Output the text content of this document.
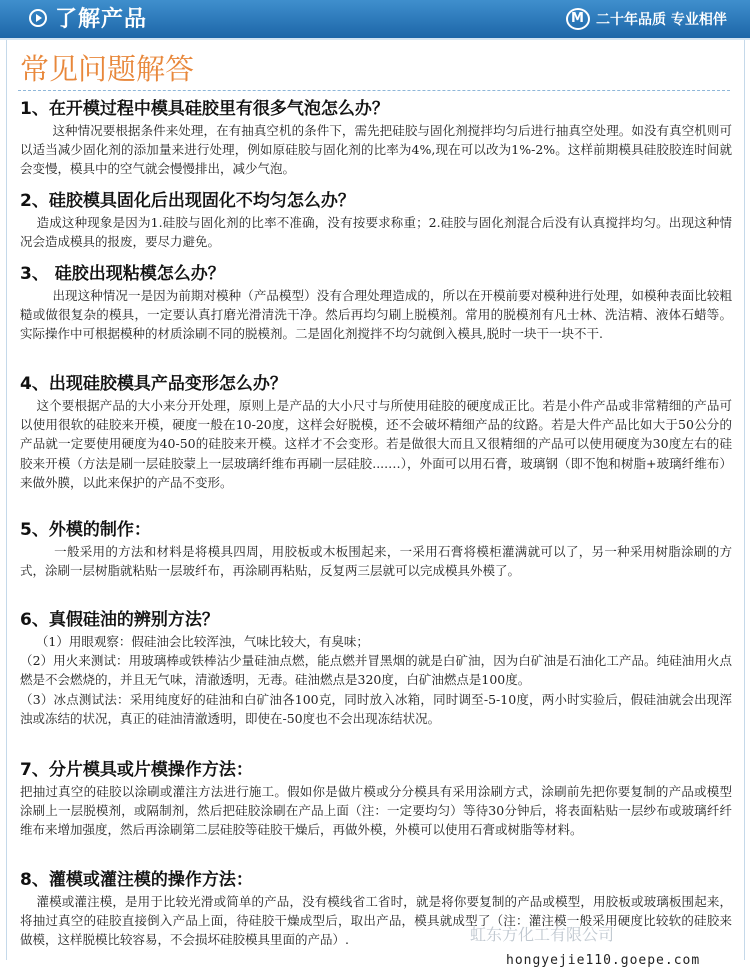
了解产品
M	二十年品质 专业相伴
常见问题解答

1、在开模过程中模具硅胶里有很多气泡怎么办？

这种情况要根据条件来处理，在有抽真空机的条件下，需先把硅胶与固化剂搅拌均匀后进行抽真空处理。如没有真空机则可以适当减少固化剂的添加量来进行处理，例如原硅胶与固化剂的比率为4%,现在可以改为1%-2%。这样前期模具硅胶胶连时间就会变慢，模具中的空气就会慢慢排出，减少气泡。

2、硅胶模具固化后出现固化不均匀怎么办？

造成这种现象是因为1.硅胶与固化剂的比率不准确，没有按要求称重；2.硅胶与固化剂混合后没有认真搅拌均匀。出现这种情况会造成模具的报废，要尽力避免。

3、 硅胶出现粘模怎么办？

出现这种情况一是因为前期对模种（产品模型）没有合理处理造成的，所以在开模前要对模种进行处理，如模种表面比较粗糙或做很复杂的模具，一定要认真打磨光滑清洗干净。然后再均匀刷上脱模剂。常用的脱模剂有凡士林、洗洁精、液体石蜡等。实际操作中可根据模种的材质涂刷不同的脱模剂。二是固化剂搅拌不均匀就倒入模具,脱时一块干一块不干.

4、出现硅胶模具产品变形怎么办？

这个要根据产品的大小来分开处理，原则上是产品的大小尺寸与所使用硅胶的硬度成正比。若是小件产品或非常精细的产品可以使用很软的硅胶来开模，硬度一般在10-20度，这样会好脱模，还不会破坏精细产品的纹路。若是大件产品比如大于50公分的产品就一定要使用硬度为40-50的硅胶来开模。这样才不会变形。若是做很大而且又很精细的产品可以使用硬度为30度左右的硅胶来开模（方法是刷一层硅胶蒙上一层玻璃纤维布再刷一层硅胶....…），外面可以用石膏，玻璃钢（即不饱和树脂+玻璃纤维布）来做外膜，以此来保护的产品不变形。

5、外模的制作：

一般采用的方法和材料是将模具四周，用胶板或木板围起来，一采用石膏将模柜灌满就可以了，另一种采用树脂涂刷的方式，涂刷一层树脂就粘贴一层玻纤布，再涂刷再粘贴，反复两三层就可以完成模具外模了。

6、真假硅油的辨别方法？

（1）用眼观察：假硅油会比较浑浊，气味比较大，有臭味；
（2）用火来测试：用玻璃棒或铁棒沾少量硅油点燃，能点燃并冒黑烟的就是白矿油，因为白矿油是石油化工产品。纯硅油用火点燃是不会燃烧的，并且无气味，清澈透明，无毒。硅油燃点是320度，白矿油燃点是100度。
（3）冰点测试法：采用纯度好的硅油和白矿油各100克，同时放入冰箱，同时调至-5-10度，两小时实验后，假硅油就会出现浑浊或冻结的状况，真正的硅油清澈透明，即使在-50度也不会出现冻结状况。

7、分片模具或片模操作方法：

把抽过真空的硅胶以涂刷或灌注方法进行施工。假如你是做片模或分分模具有采用涂刷方式，涂刷前先把你要复制的产品或模型涂刷上一层脱模剂，或隔制剂，然后把硅胶涂刷在产品上面（注：一定要均匀）等待30分钟后，将表面粘贴一层纱布或玻璃纤纤维布来增加强度，然后再涂刷第二层硅胶等硅胶干燥后，再做外模，外模可以使用石膏或树脂等材料。

8、灌模或灌注模的操作方法：

灌模或灌注模，是用于比较光滑或简单的产品，没有模线省工省时，就是将你要复制的产品或模型，用胶板或玻璃板围起来，将抽过真空的硅胶直接倒入产品上面，待硅胶干燥成型后，取出产品，模具就成型了（注：灌注模一般采用硬度比较软的硅胶来做模，这样脱模比较容易，不会损坏硅胶模具里面的产品）.	虹东方化工有限公司
hongyejie110.goepe.com
